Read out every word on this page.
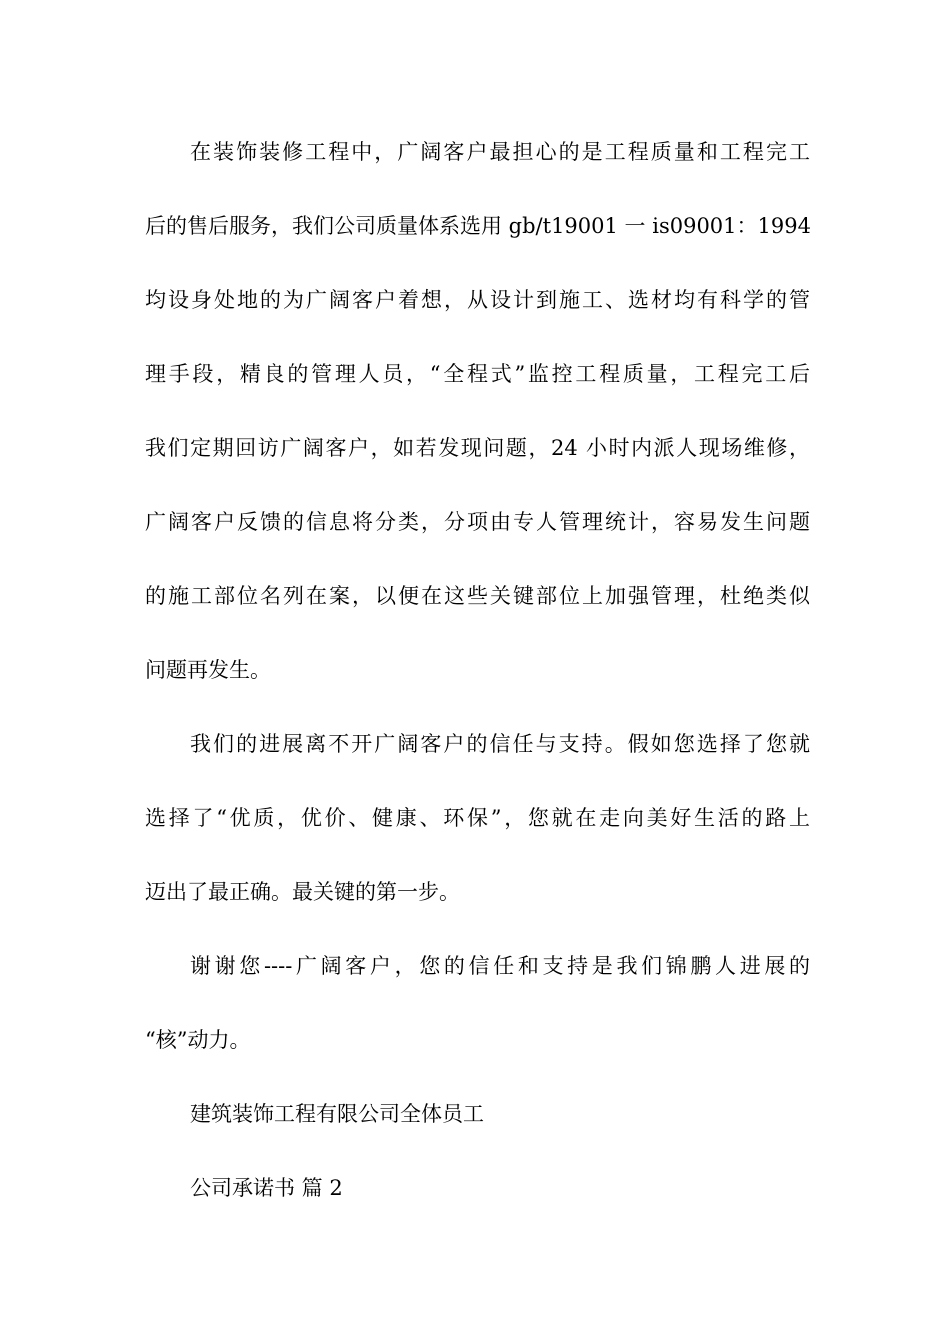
在装饰装修工程中，广阔客户最担心的是工程质量和工程完工
后的售后服务，我们公司质量体系选用 gb/t19001 一 is09001：1994
均设身处地的为广阔客户着想，从设计到施工、选材均有科学的管
理手段，精良的管理人员，“全程式”监控工程质量，工程完工后
我们定期回访广阔客户，如若发现问题，24 小时内派人现场维修，
广阔客户反馈的信息将分类，分项由专人管理统计，容易发生问题
的施工部位名列在案，以便在这些关键部位上加强管理，杜绝类似
问题再发生。
我们的进展离不开广阔客户的信任与支持。假如您选择了您就
选择了“优质，优价、健康、环保”，您就在走向美好生活的路上
迈出了最正确。最关键的第一步。
谢谢您----广阔客户，您的信任和支持是我们锦鹏人进展的
“核”动力。
建筑装饰工程有限公司全体员工
公司承诺书 篇 2
